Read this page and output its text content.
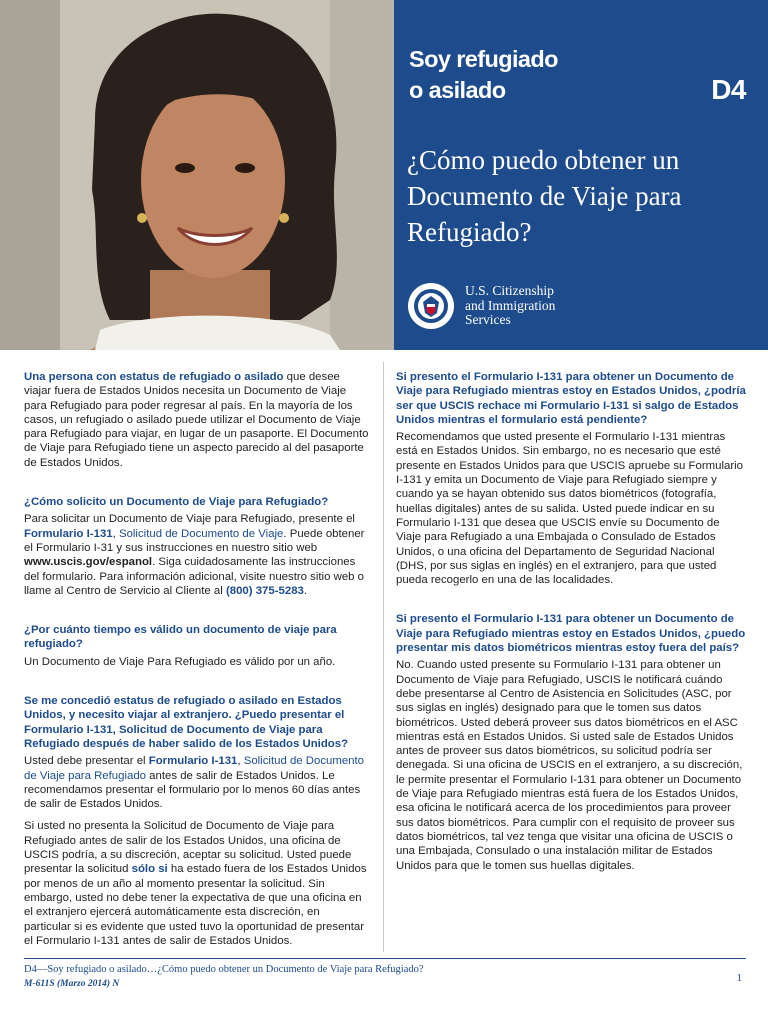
Soy refugiado
o asilado	D4
¿Cómo puedo obtener un
Documento de Viaje para
Refugiado?
U.S. Citizenship
and Immigration
Services

Una persona con estatus de refugiado o asilado que desee viajar fuera de Estados Unidos necesita un Documento de Viaje para Refugiado para poder regresar al país. En la mayoría de los casos, un refugiado o asilado puede utilizar el Documento de Viaje para Refugiado para viajar, en lugar de un pasaporte. El Documento de Viaje para Refugiado tiene un aspecto parecido al del pasaporte de Estados Unidos.

¿Cómo solicito un Documento de Viaje para Refugiado?

Para solicitar un Documento de Viaje para Refugiado, presente el Formulario I-131, Solicitud de Documento de Viaje. Puede obtener el Formulario I-31 y sus instrucciones en nuestro sitio web www.uscis.gov/espanol. Siga cuidadosamente las instrucciones del formulario. Para información adicional, visite nuestro sitio web o llame al Centro de Servicio al Cliente al (800) 375-5283.

¿Por cuánto tiempo es válido un documento de viaje para refugiado?

Un Documento de Viaje Para Refugiado es válido por un año.

Se me concedió estatus de refugiado o asilado en Estados Unidos, y necesito viajar al extranjero. ¿Puedo presentar el Formulario I-131, Solicitud de Documento de Viaje para Refugiado después de haber salido de los Estados Unidos?

Usted debe presentar el Formulario I-131, Solicitud de Documento de Viaje para Refugiado antes de salir de Estados Unidos. Le recomendamos presentar el formulario por lo menos 60 días antes de salir de Estados Unidos.

Si usted no presenta la Solicitud de Documento de Viaje para Refugiado antes de salir de los Estados Unidos, una oficina de USCIS podría, a su discreción, aceptar su solicitud. Usted puede presentar la solicitud sólo si ha estado fuera de los Estados Unidos por menos de un año al momento presentar la solicitud. Sin embargo, usted no debe tener la expectativa de que una oficina en el extranjero ejercerá automáticamente esta discreción, en particular si es evidente que usted tuvo la oportunidad de presentar el Formulario I-131 antes de salir de Estados Unidos.

Si presento el Formulario I-131 para obtener un Documento de Viaje para Refugiado mientras estoy en Estados Unidos, ¿podría ser que USCIS rechace mi Formulario I-131 si salgo de Estados Unidos mientras el formulario está pendiente?

Recomendamos que usted presente el Formulario I-131 mientras está en Estados Unidos. Sin embargo, no es necesario que esté presente en Estados Unidos para que USCIS apruebe su Formulario I-131 y emita un Documento de Viaje para Refugiado siempre y cuando ya se hayan obtenido sus datos biométricos (fotografía, huellas digitales) antes de su salida. Usted puede indicar en su Formulario I-131 que desea que USCIS envíe su Documento de Viaje para Refugiado a una Embajada o Consulado de Estados Unidos, o una oficina del Departamento de Seguridad Nacional (DHS, por sus siglas en inglés) en el extranjero, para que usted pueda recogerlo en una de las localidades.

Si presento el Formulario I-131 para obtener un Documento de Viaje para Refugiado mientras estoy en Estados Unidos, ¿puedo presentar mis datos biométricos mientras estoy fuera del país?

No. Cuando usted presente su Formulario I-131 para obtener un Documento de Viaje para Refugiado, USCIS le notificará cuándo debe presentarse al Centro de Asistencia en Solicitudes (ASC, por sus siglas en inglés) designado para que le tomen sus datos biométricos. Usted deberá proveer sus datos biométricos en el ASC mientras está en Estados Unidos. Si usted sale de Estados Unidos antes de proveer sus datos biométricos, su solicitud podría ser denegada. Si una oficina de USCIS en el extranjero, a su discreción, le permite presentar el Formulario I-131 para obtener un Documento de Viaje para Refugiado mientras está fuera de los Estados Unidos, esa oficina le notificará acerca de los procedimientos para proveer sus datos biométricos. Para cumplir con el requisito de proveer sus datos biométricos, tal vez tenga que visitar una oficina de USCIS o una Embajada, Consulado o una instalación militar de Estados Unidos para que le tomen sus huellas digitales.

D4—Soy refugiado o asilado…¿Cómo puedo obtener un Documento de Viaje para Refugiado?
M-611S (Marzo 2014) N	1
